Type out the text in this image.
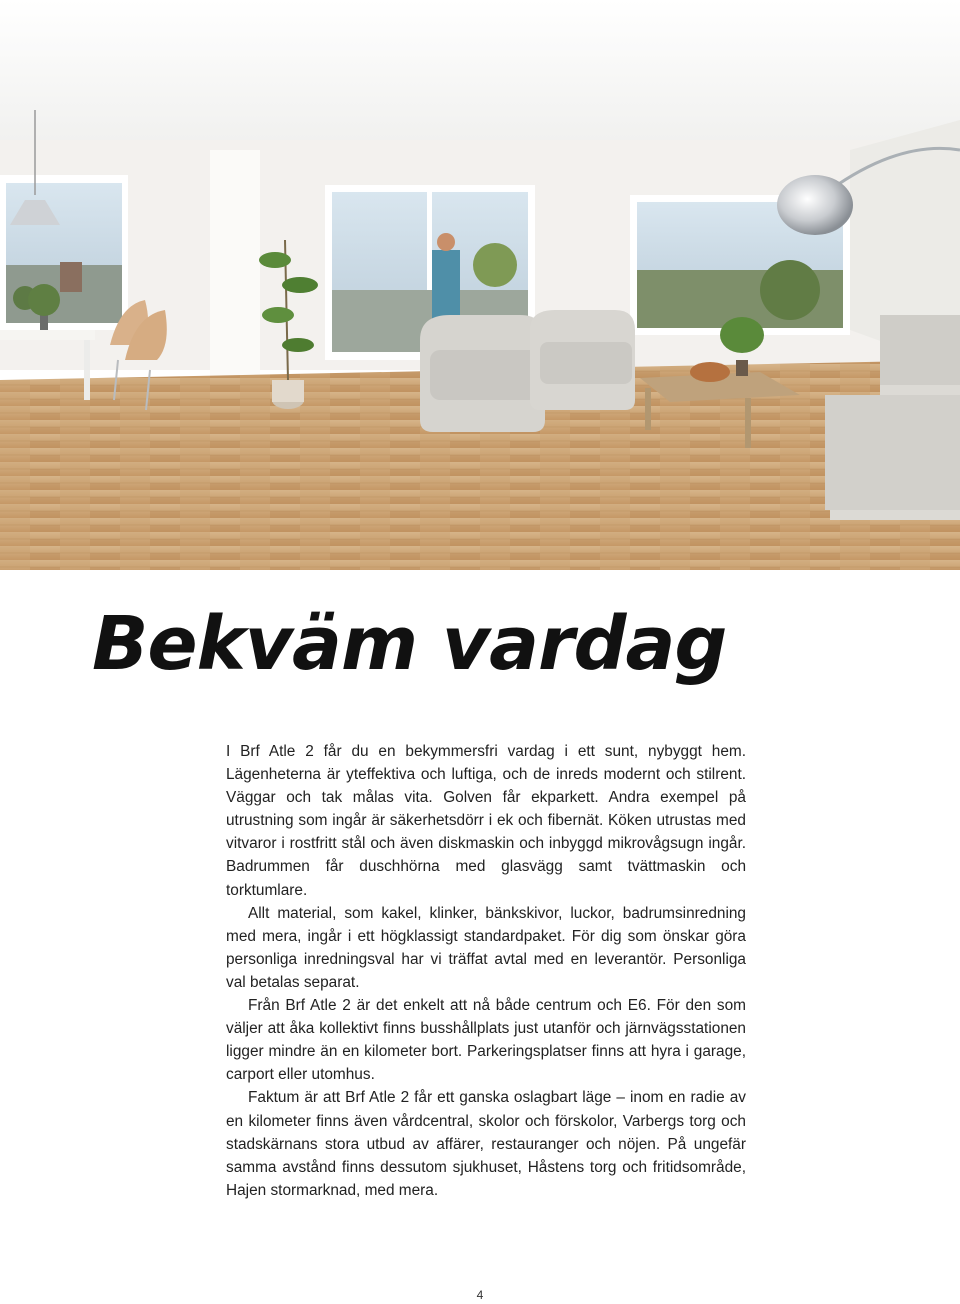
Bekväm vardag

I Brf Atle 2 får du en bekymmersfri vardag i ett sunt, nybyggt hem. Lägenheterna är yteffektiva och luftiga, och de inreds modernt och stilrent. Väggar och tak målas vita. Golven får ekparkett. Andra exempel på utrustning som ingår är säkerhetsdörr i ek och fibernät. Köken utrustas med vitvaror i rostfritt stål och även diskmaskin och inbyggd mikrovågsugn ingår. Badrummen får duschhörna med glasvägg samt tvättmaskin och torktumlare.

Allt material, som kakel, klinker, bänkskivor, luckor, badrumsinredning med mera, ingår i ett högklassigt standardpaket. För dig som önskar göra personliga inredningsval har vi träffat avtal med en leverantör. Personliga val betalas separat.

Från Brf Atle 2 är det enkelt att nå både centrum och E6. För den som väljer att åka kollektivt finns busshållplats just utanför och järnvägsstationen ligger mindre än en kilometer bort. Parkeringsplatser finns att hyra i garage, carport eller utomhus.

Faktum är att Brf Atle 2 får ett ganska oslagbart läge – inom en radie av en kilometer finns även vårdcentral, skolor och förskolor, Varbergs torg och stadskärnans stora utbud av affärer, restauranger och nöjen. På ungefär samma avstånd finns dessutom sjukhuset, Håstens torg och fritidsområde, Hajen stormarknad, med mera.

4
